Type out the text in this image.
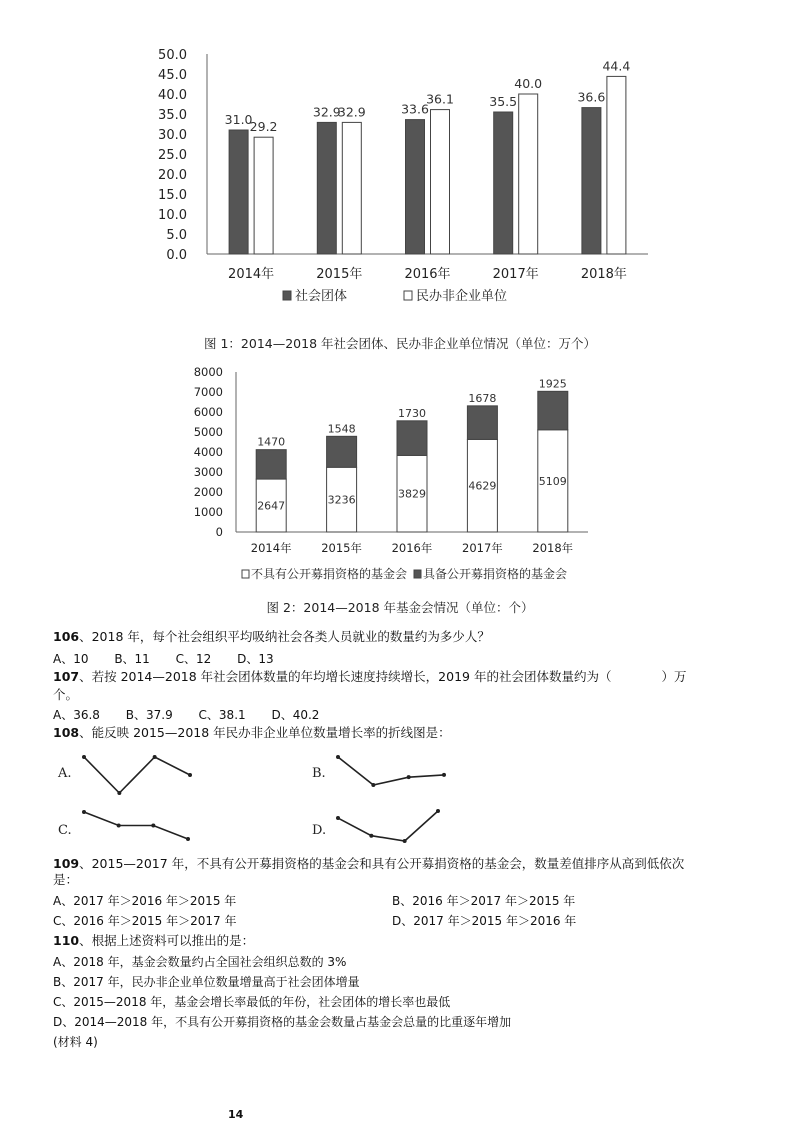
0.0
5.0
10.0
15.0
20.0
25.0
30.0
35.0
40.0
45.0
50.0
2014年
31.0
29.2
2015年
32.9
32.9
2016年
33.6
36.1
2017年
35.5
40.0
2018年
36.6
44.4
社会团体	民办非企业单位
图 1：2014—2018 年社会团体、民办非企业单位情况（单位：万个）
0
1000
2000
3000
4000
5000
6000
7000
8000
2014年
2647
1470
2015年
3236
1548
2016年
3829
1730
2017年
4629
1678
2018年
5109
1925
不具有公开募捐资格的基金会 具备公开募捐资格的基金会
图 2：2014—2018 年基金会情况（单位：个）
106、2018 年，每个社会组织平均吸纳社会各类人员就业的数量约为多少人？
A、10 B、11 C、12 D、13
107、若按 2014—2018 年社会团体数量的年均增长速度持续增长，2019 年的社会团体数量约为（　　　　）万
个。
A、36.8 B、37.9 C、38.1 D、40.2
108、能反映 2015—2018 年民办非企业单位数量增长率的折线图是：
A.	B.
C.	D.
109、2015—2017 年，不具有公开募捐资格的基金会和具有公开募捐资格的基金会，数量差值排序从高到低依次
是：
A、2017 年＞2016 年＞2015 年	B、2016 年＞2017 年＞2015 年
C、2016 年＞2015 年＞2017 年	D、2017 年＞2015 年＞2016 年
110、根据上述资料可以推出的是：
A、2018 年，基金会数量约占全国社会组织总数的 3%
B、2017 年，民办非企业单位数量增量高于社会团体增量
C、2015—2018 年，基金会增长率最低的年份，社会团体的增长率也最低
D、2014—2018 年，不具有公开募捐资格的基金会数量占基金会总量的比重逐年增加
(材料 4)
14
